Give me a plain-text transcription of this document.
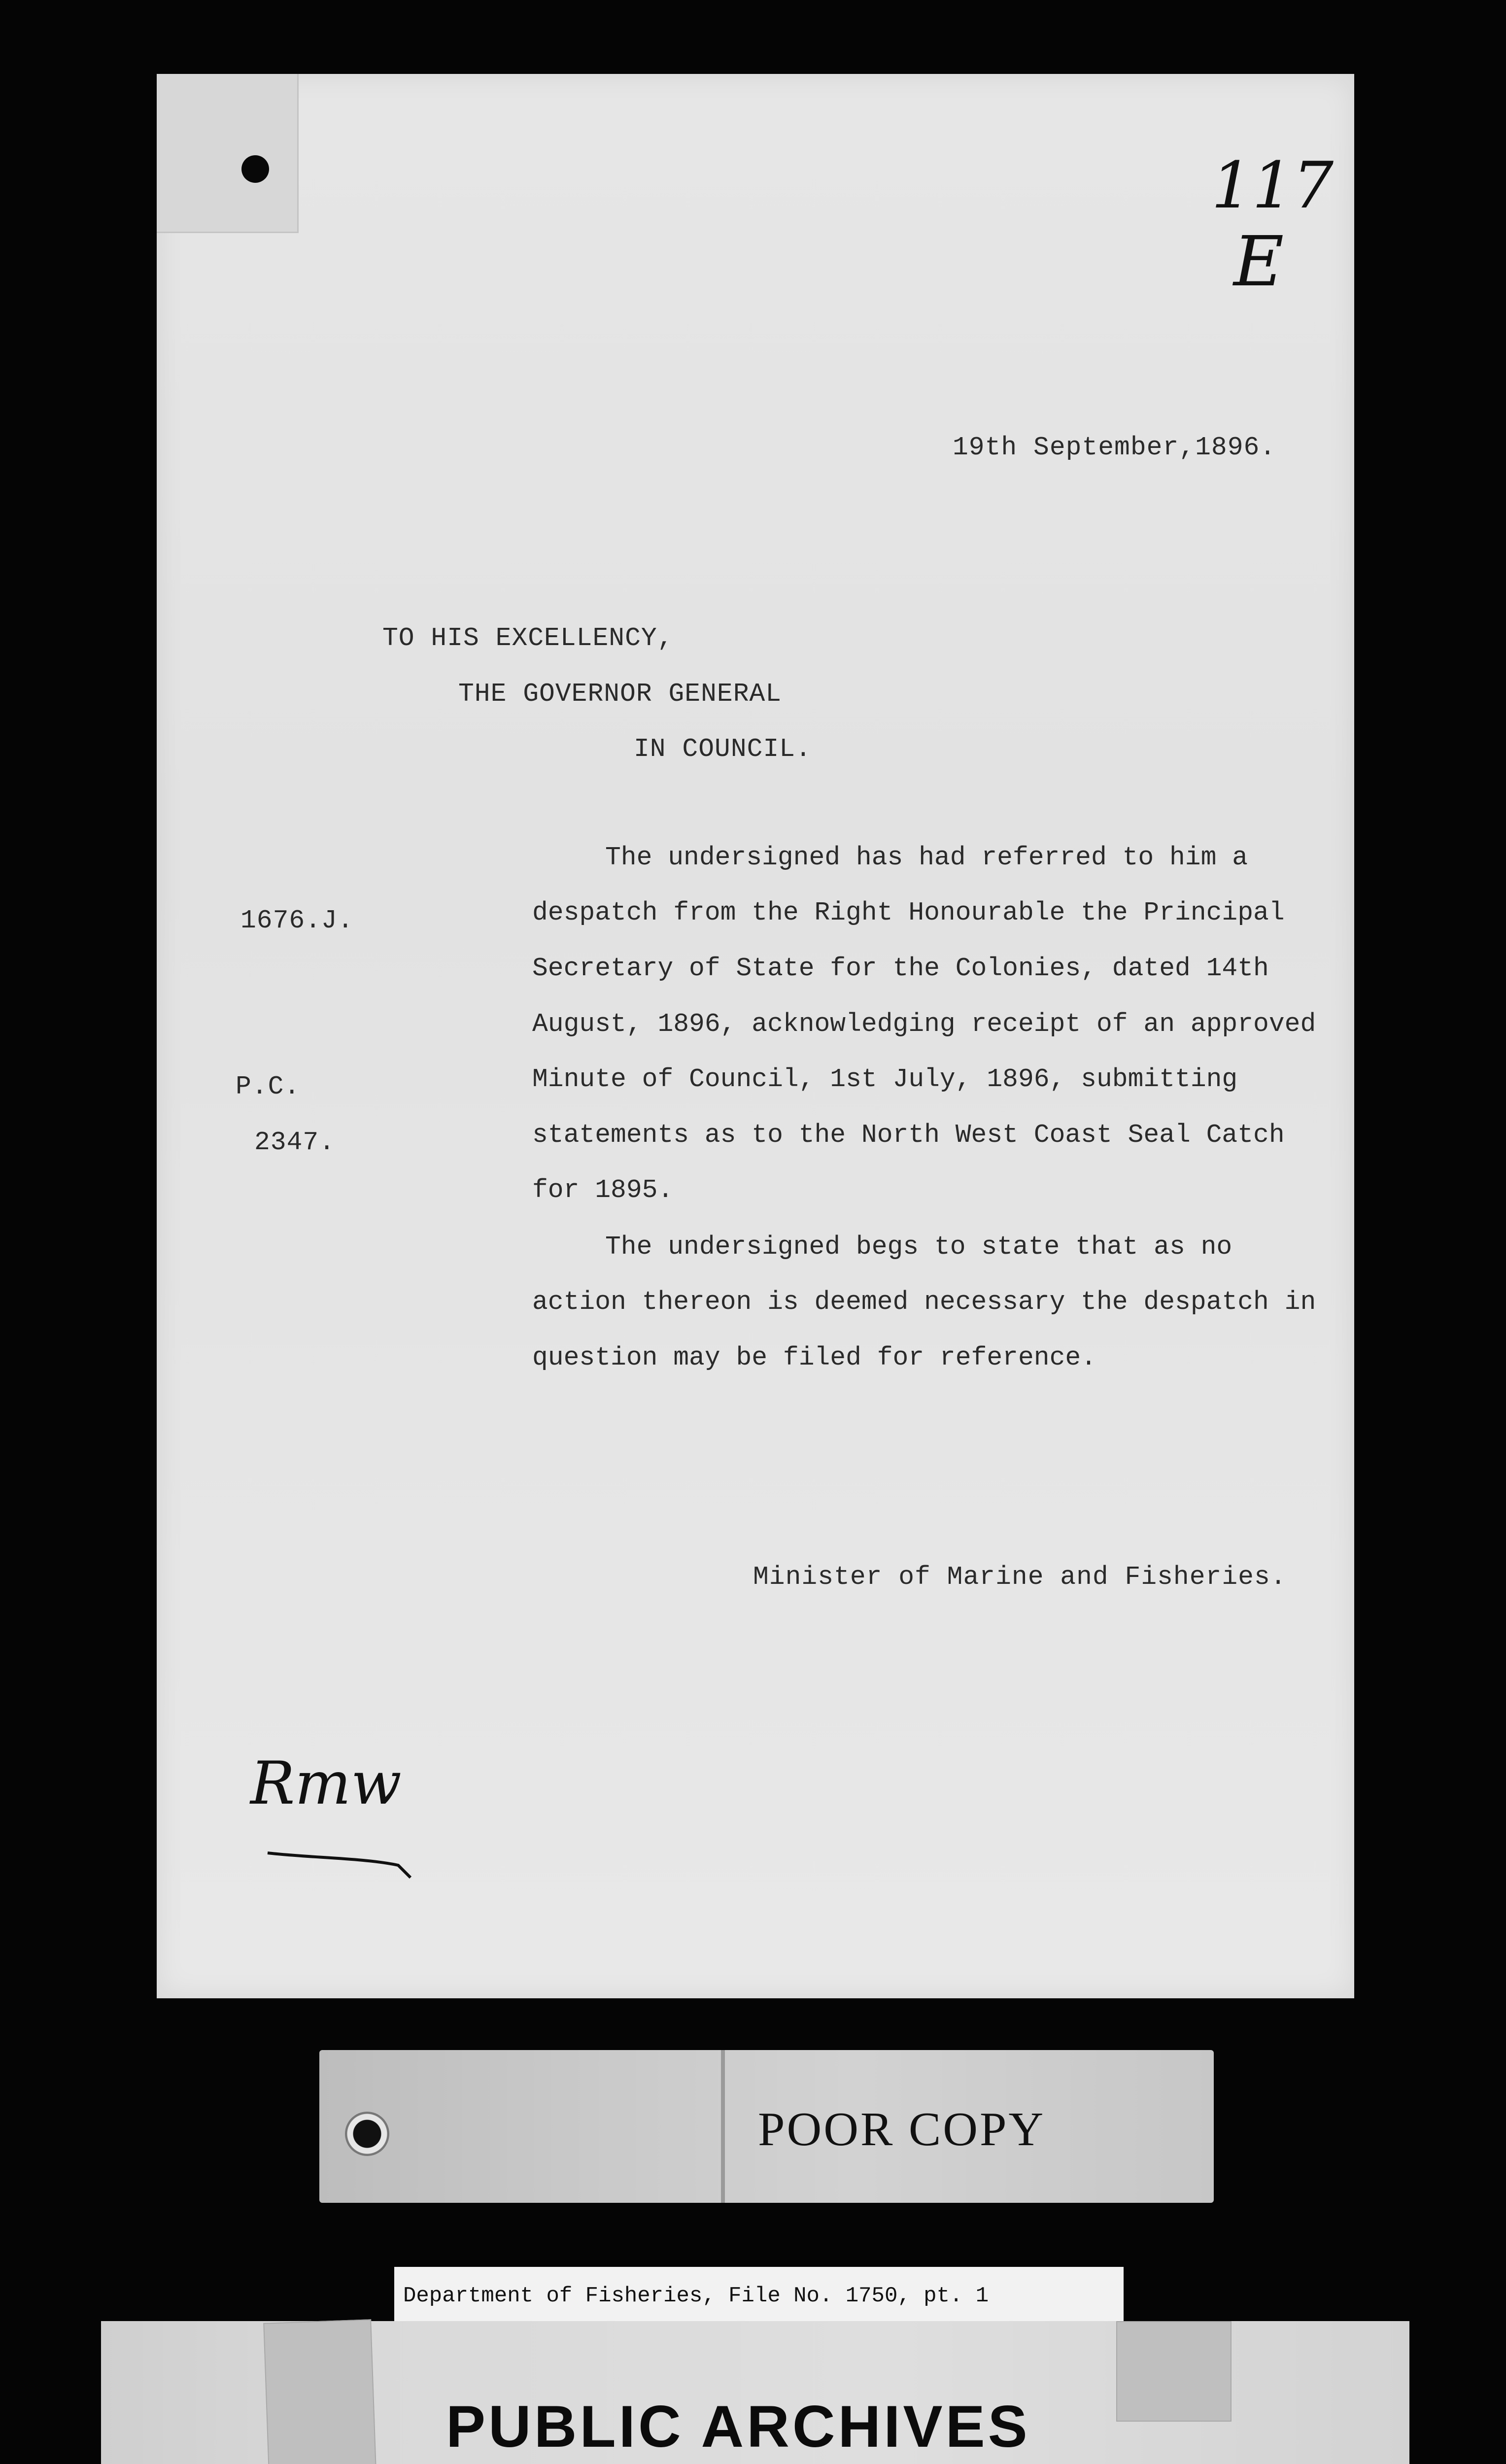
117
E
19th September,1896.
TO HIS EXCELLENCY,
THE GOVERNOR GENERAL
IN COUNCIL.
1676.J.
P.C.
2347.
The undersigned has had referred to him a
despatch from the Right Honourable the Principal
Secretary of State for the Colonies, dated 14th
August, 1896, acknowledging receipt of an approved
Minute of Council, 1st July, 1896, submitting
statements as to the North West Coast Seal Catch
for 1895.
The undersigned begs to state that as no
action thereon is deemed necessary the despatch in
question may be filed for reference.
Minister of Marine and Fisheries.
Rmw
POOR COPY
Department of Fisheries, File No. 1750, pt. 1
PUBLIC ARCHIVES
